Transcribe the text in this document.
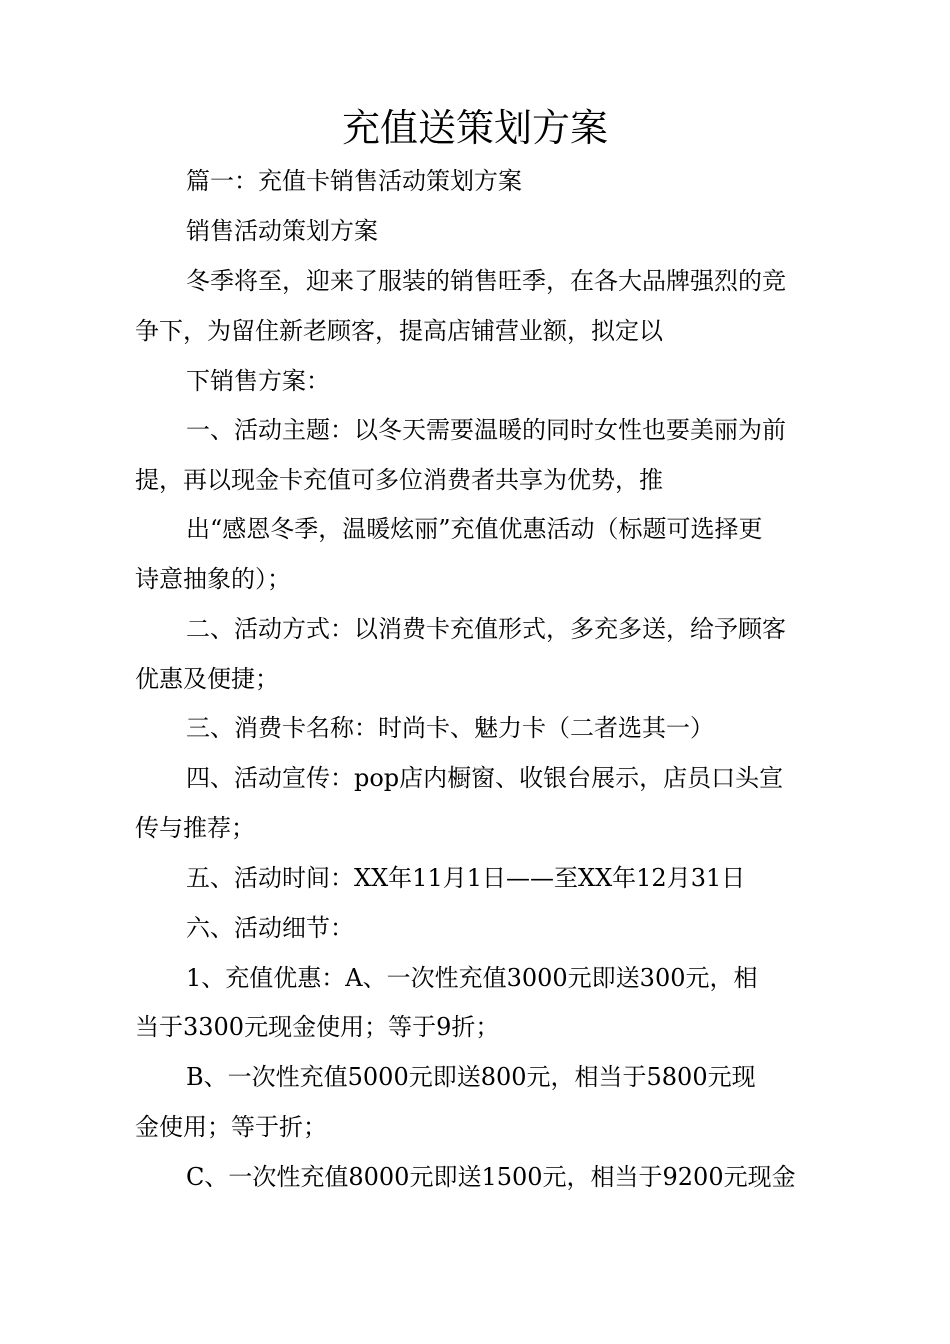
充值送策划方案
篇一：充值卡销售活动策划方案
销售活动策划方案
冬季将至，迎来了服装的销售旺季，在各大品牌强烈的竞
争下，为留住新老顾客，提高店铺营业额，拟定以
下销售方案：
一、活动主题：以冬天需要温暖的同时女性也要美丽为前
提，再以现金卡充值可多位消费者共享为优势，推
出“感恩冬季，温暖炫丽”充值优惠活动（标题可选择更
诗意抽象的）；
二、活动方式：以消费卡充值形式，多充多送，给予顾客
优惠及便捷；
三、消费卡名称：时尚卡、魅力卡（二者选其一）
四、活动宣传：pop店内橱窗、收银台展示，店员口头宣
传与推荐；
五、活动时间：XX年11月1日——至XX年12月31日
六、活动细节：
1、充值优惠：A、一次性充值3000元即送300元，相
当于3300元现金使用；等于9折；
B、一次性充值5000元即送800元，相当于5800元现
金使用；等于折；
C、一次性充值8000元即送1500元，相当于9200元现金
